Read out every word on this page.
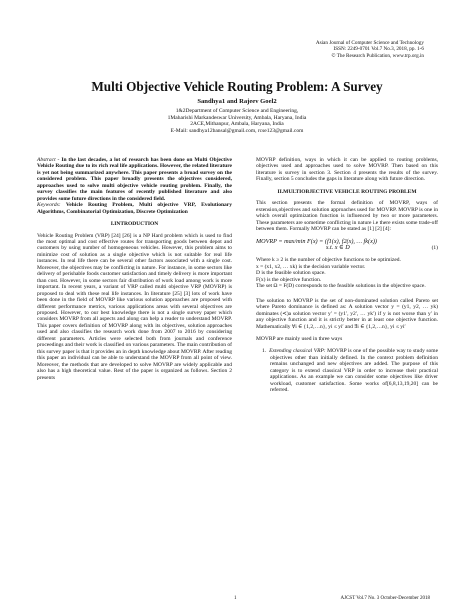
Asian Journal of Computer Science and Technology
ISSN: 2249-0701 Vol.7 No.3, 2018, pp. 1-6
© The Research Publication, www.trp.org.in
Multi Objective Vehicle Routing Problem: A Survey
Sandhya1 and Rajeev Goel2
1&2Department of Computer Science and Engineering,
1Maharishi Markandeswar University, Ambala, Haryana, India
2ACE,Mithanpur, Ambala, Haryana, India
E-Mail: sandhya12bansal@gmail.com, rcse123@gmail.com

Abstract - In the last decades, a lot of research has been done on Multi Objective Vehicle Routing due to its rich real life applications. However, the related literature is yet not being summarized anywhere. This paper presents a broad survey on the considered problem. This paper broadly presents the objectives considered, approaches used to solve multi objective vehicle routing problem. Finally, the survey classifies the main features of recently published literature and also provides some future directions in the considered field.
Keywords: Vehicle Routing Problem, Multi objective VRP, Evolutionary Algorithms, Combinatorial Optimization, Discrete Optimization

I.INTRODUCTION

Vehicle Routing Problem (VRP) [24] [26] is a NP Hard problem which is used to find the most optimal and cost effective routes for transporting goods between depot and customers by using number of homogeneous vehicles. However, this problem aims to minimize cost of solution as a single objective which is not suitable for real life instances. In real life there can be several other factors associated with a single cost. Moreover, the objectives may be conflicting in nature. For instance, in some sectors like delivery of perishable foods customer satisfaction and timely delivery is more important than cost. However, in some sectors fair distribution of work load among work is more important. In recent years, a variant of VRP called multi objective VRP (MOVRP) is proposed to deal with these real life instances. In literature [25] [3] lots of work have been done in the field of MOVRP like various solution approaches are proposed with different performance metrics, various applications areas with several objectives are proposed. However, to our best knowledge there is not a single survey paper which considers MOVRP from all aspects and along can help a reader to understand MOVRP. This paper covers definition of MOVRP along with its objectives, solution approaches used and also classifies the research work done from 2007 to 2016 by considering different parameters. Articles were selected both from journals and conference proceedings and their work is classified on various parameters. The main contribution of this survey paper is that it provides an in depth knowledge about MOVRP. After reading this paper an individual can be able to understand the MOVRP from all point of view. Moreover, the methods that are developed to solve MOVRP are widely applicable and also has a high theoretical value. Rest of the paper is organized as follows. Section 2 presents

MOVRP definition, ways in which it can be applied to routing problems, objectives used and approaches used to solve MOVRP. Then based on this literature is survey in section 3. Section 4 presents the results of the survey. Finally, section 5 concludes the gaps in literature along with future direction.

II.MULTIOBJECTIVE VEHICLE ROUTING PROBLEM

This section presents the formal definition of MOVRP, ways of extension,objectives and solution approaches used for MOVRP. MOVRP is one in which overall optimization function is influenced by two or more parameters. These parameters are sometime conflicting in nature i.e there exists some trade-off between them. Formally MOVRP can be stated as [1] [2] [4]:

MOVRP = max/min F(x) = (f1(x), f2(x), … fk(x))
s.t. x ∈ D	(1)

Where k ≥ 2 is the number of objective functions to be optimized.

x = (x1, x2, … xk) is the decision variable vector.

D is the feasible solution space.

F(x) is the objective function.

The set Ω = F(D) corresponds to the feasible solutions in the objective space.

The solution to MOVRP is the set of non-dominated solution called Pareto set where Pareto dominance is defined as: A solution vector y = (y1, y2, … yk) dominates (≺)a solution vector y′ = (y1′, y2′, … yk′) if y is not worse than y′ in any objective function and it is strictly better in at least one objective function. Mathematically ∀i ∈ {1,2,…n}, yi ≤ yi′ and ∃i ∈ {1,2,…n}, yi ≤ yi′

MOVRP are mainly used in three ways

1. Extending classical VRP: MOVRP is one of the possible way to study some objectives other than initially defined. In the context problem definition remains unchanged and new objectives are added. The purpose of this category is to extend classical VRP in order to increase their practical applications. As an example we can consider some objectives like driver workload, customer satisfaction. Some works of[6,8,13,19,20] can be referred.

1	AJCST Vol.7 No. 3 October-December 2018
